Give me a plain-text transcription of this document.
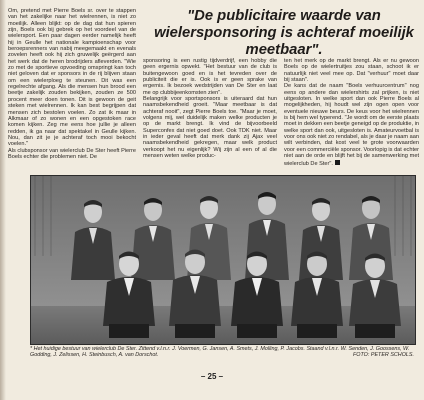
Om, pretend met Pierre Boels sr. over te stappen van het zakelijke naar het wielrennen, is niet zo moeilijk. Alleen blijkt: op de dag dat hun spieren zijn, Boels ook bij gebrek op het voordeel van de wielersport. Een paar dagen eerder namelijk heeft hij in Geulle het nationale kampioenschap voor beroepsrenners van nabij meegemaakt en evenals zovelen heeft ook hij zich gruwelijk geërgerd aan het werk dat de heren brodrijders afleverden. "Wie zo met de sportieve opvoeding omspringt kan toch niet geloven dat er sponsors in de rij blijven staan om een wielerploeg te steunen. Dit was een regelrechte afgang. Als die mensen hun brood een beetje zakelijk zouden bekijken, zouden ze 500 procent meer doen tonen. Dit is gewoon de geit steken met wielrennen. Ik kan best begrijpen dat mensen zich bestolen voelen. Zo zat ik maar in Alkmaar of zo wonen en een opgestoken race komen kijken. Zeg me eens hoe jullie je alleen redden, ik ga naar dat spektakel in Geulle kijken. Nou, dan zit je je achteraf toch mooi bekocht voelen."

Als clubsponsor van wielerclub De Ster heeft Pierre Boels echter die problemen niet. De

"De publicitaire waarde van wielersponsoring is achteraf moeilijk meetbaar".

sponsoring is een rustig tijdverdrijf, een hobby die geen ergernis opwekt. "Het bestuur van de club is buitengewoon goed en is het tevreden over de publiciteit die er is. Ook is er geen sprake van ergernis. Ik bezoek wedstrijden van De Ster en laat me op clubbijeenkomsten zien".

Belangrijk voor sportsponsors is uiteraard dat hun naamsbekendheid groeit. "Maar meetbaar is dat achteraf nooit", zegt Pierre Boels toe. "Maar je moet, volgens mij, wel duidelijk maken welke producten je op de markt brengt. Ik vind de bijvoorbeeld Superconfex dat niet goed doet. Ook TDK niet. Maar in ieder geval heeft dat merk dank zij Ajax veel naamsbekendheid gekregen, maar welk product verkoopt het nu eigenlijk? Wij zijn al een of al die mensen weten welke produc-

ten het merk op de markt brengt. Als er nu gewoon Boels op de wielertruitjes zou staan, schoot ik er natuurlijk niet veel mee op. Dat "verhuur" moet daar bij staan".

De kans dat de naam "Boels verhuurcentrum" nog eens op andere dan wielershirts zal prijken, is niet uitgesloten. In welke sport dan ook Pierre Boels al mogelijkheden, hij houdt wel zijn ogen open voor eventuele nieuwe beurs. De keus voor het wielrennen is bij hem wel typerend. "Je wordt om de eerste plaats moet in dekken een beetje geneigd op de produktie, in welke sport dan ook, uitgesloten is. Amateurvoetbal is voor ons ook niet zo rendabel, als je daar je naam aan wilt verbinden, dat kost veel te grote voorwaarden voor een commerciële sponsor. Voorlopig is dat echter niet aan de orde en blijft het bij de samenwerking met wielerclub De Ster".

* Het huidige bestuur van wielerclub De Ster. Zittend v.l.n.r. J. Voermen, G. Jansen, A. Smets, J. Molling, P. Jacobs. Staand v.l.n.r. W. Senden, J. Goossens, W. Godding, J. Zelissen, H. Steinbusch, A. van Dorschot.	FOTO: PETER SCHOLS.
– 25 –
